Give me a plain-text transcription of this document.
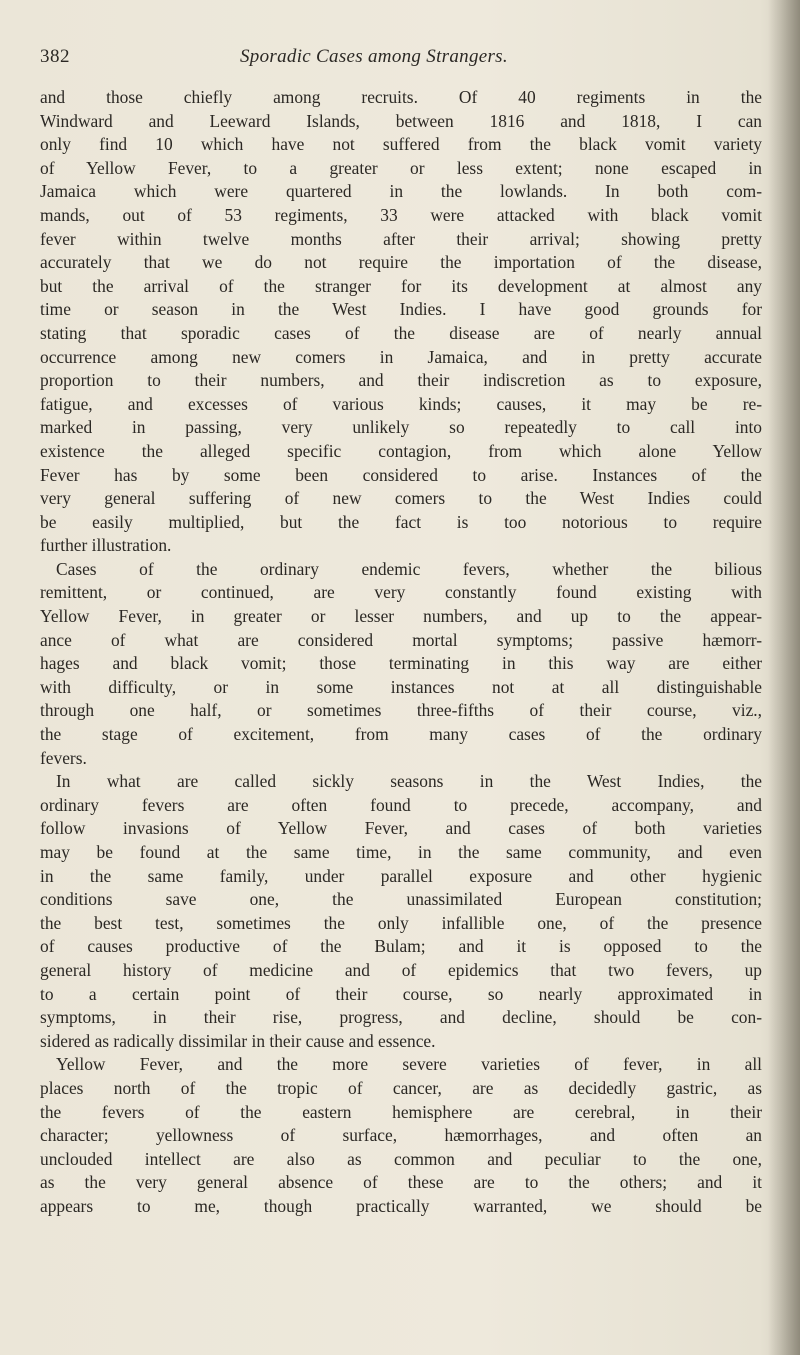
382	Sporadic Cases among Strangers.
and those chiefly among recruits. Of 40 regiments in the
Windward and Leeward Islands, between 1816 and 1818, I can
only find 10 which have not suffered from the black vomit variety
of Yellow Fever, to a greater or less extent; none escaped in
Jamaica which were quartered in the lowlands. In both com-
mands, out of 53 regiments, 33 were attacked with black vomit
fever within twelve months after their arrival; showing pretty
accurately that we do not require the importation of the disease,
but the arrival of the stranger for its development at almost any
time or season in the West Indies. I have good grounds for
stating that sporadic cases of the disease are of nearly annual
occurrence among new comers in Jamaica, and in pretty accurate
proportion to their numbers, and their indiscretion as to exposure,
fatigue, and excesses of various kinds; causes, it may be re-
marked in passing, very unlikely so repeatedly to call into
existence the alleged specific contagion, from which alone Yellow
Fever has by some been considered to arise. Instances of the
very general suffering of new comers to the West Indies could
be easily multiplied, but the fact is too notorious to require
further illustration.
Cases of the ordinary endemic fevers, whether the bilious
remittent, or continued, are very constantly found existing with
Yellow Fever, in greater or lesser numbers, and up to the appear-
ance of what are considered mortal symptoms; passive hæmorr-
hages and black vomit; those terminating in this way are either
with difficulty, or in some instances not at all distinguishable
through one half, or sometimes three-fifths of their course, viz.,
the stage of excitement, from many cases of the ordinary
fevers.
In what are called sickly seasons in the West Indies, the
ordinary fevers are often found to precede, accompany, and
follow invasions of Yellow Fever, and cases of both varieties
may be found at the same time, in the same community, and even
in the same family, under parallel exposure and other hygienic
conditions save one, the unassimilated European constitution;
the best test, sometimes the only infallible one, of the presence
of causes productive of the Bulam; and it is opposed to the
general history of medicine and of epidemics that two fevers, up
to a certain point of their course, so nearly approximated in
symptoms, in their rise, progress, and decline, should be con-
sidered as radically dissimilar in their cause and essence.
Yellow Fever, and the more severe varieties of fever, in all
places north of the tropic of cancer, are as decidedly gastric, as
the fevers of the eastern hemisphere are cerebral, in their
character; yellowness of surface, hæmorrhages, and often an
unclouded intellect are also as common and peculiar to the one,
as the very general absence of these are to the others; and it
appears to me, though practically warranted, we should be
